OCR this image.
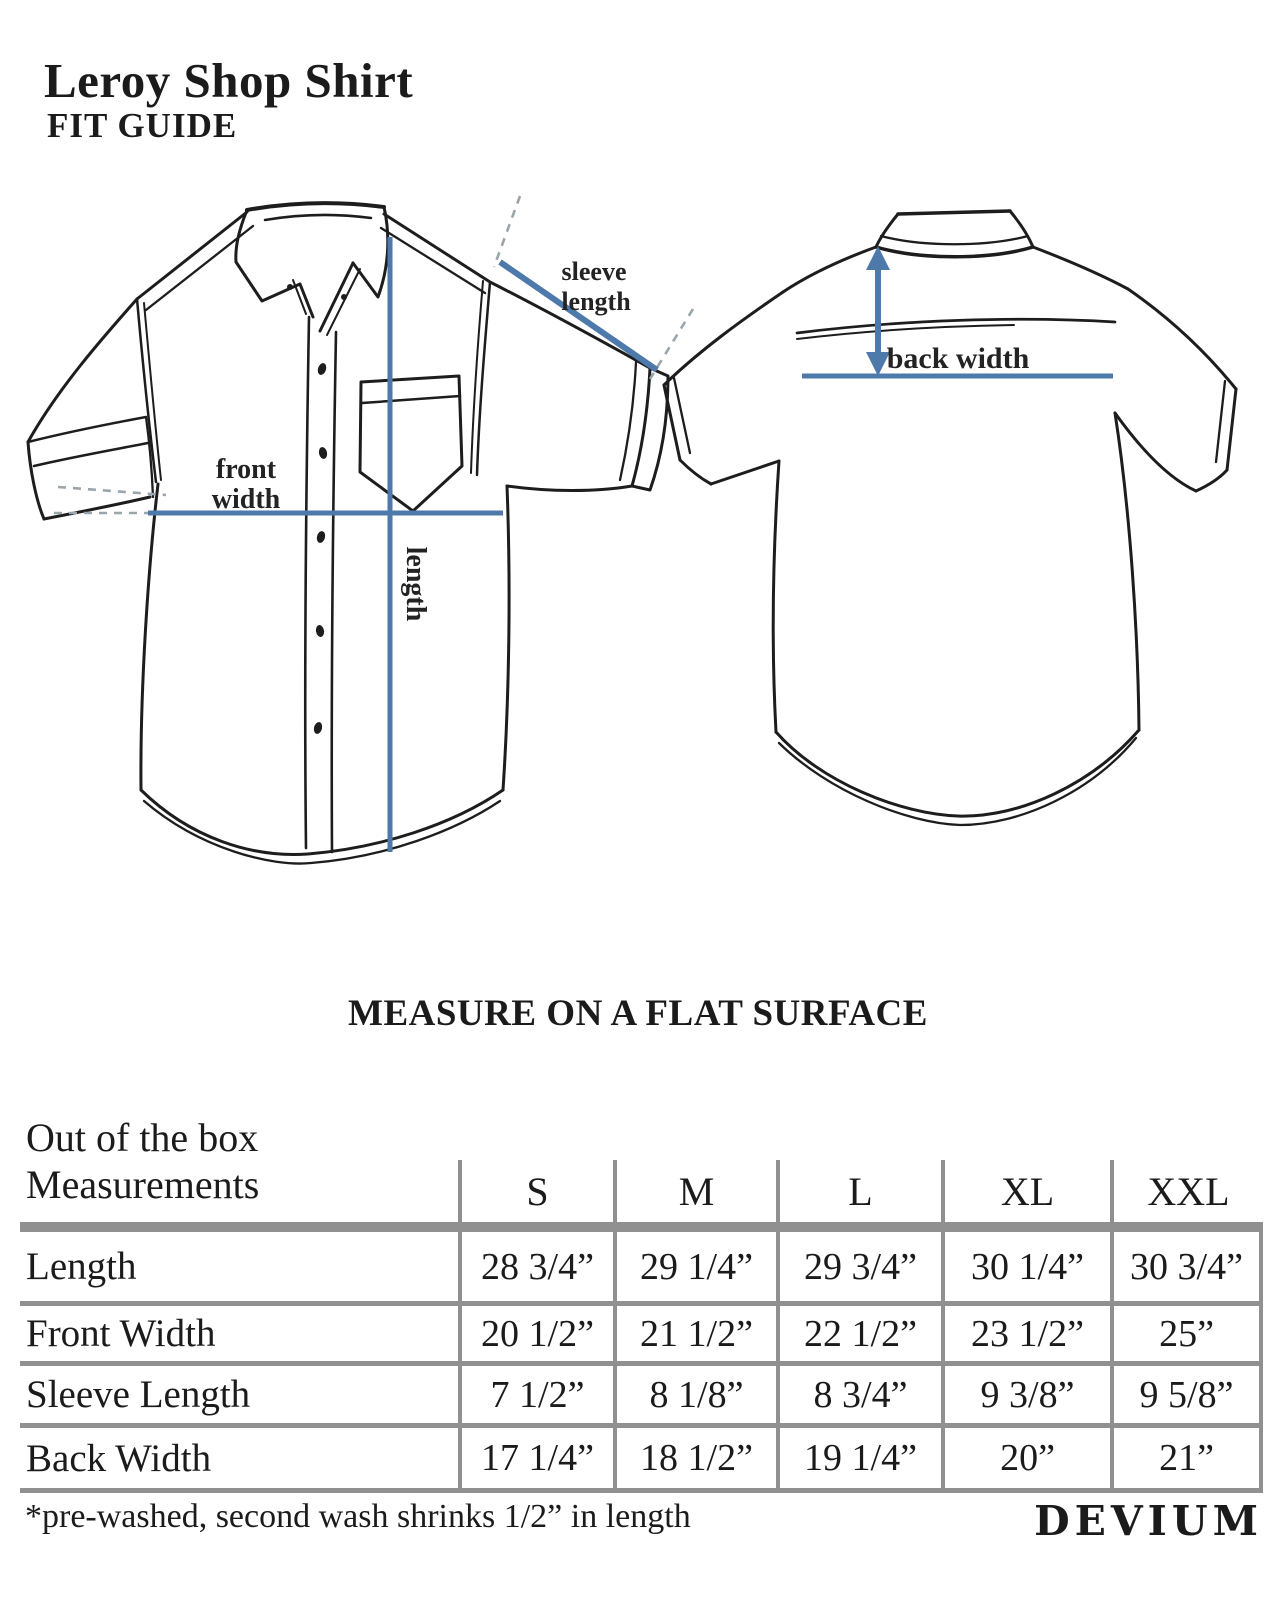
Leroy Shop Shirt
FIT GUIDE
sleeve
length
back width
front
width
length
MEASURE ON A FLAT SURFACE
Out of the box
Measurements	S	M	L	XL	XXL
Length	28 3/4”	29 1/4”	29 3/4”	30 1/4”	30 3/4”
Front Width	20 1/2”	21 1/2”	22 1/2”	23 1/2”	25”
Sleeve Length	7 1/2”	8 1/8”	8 3/4”	9 3/8”	9 5/8”
Back Width	17 1/4”	18 1/2”	19 1/4”	20”	21”
*pre-washed, second wash shrinks 1/2” in length	DEVIUM
